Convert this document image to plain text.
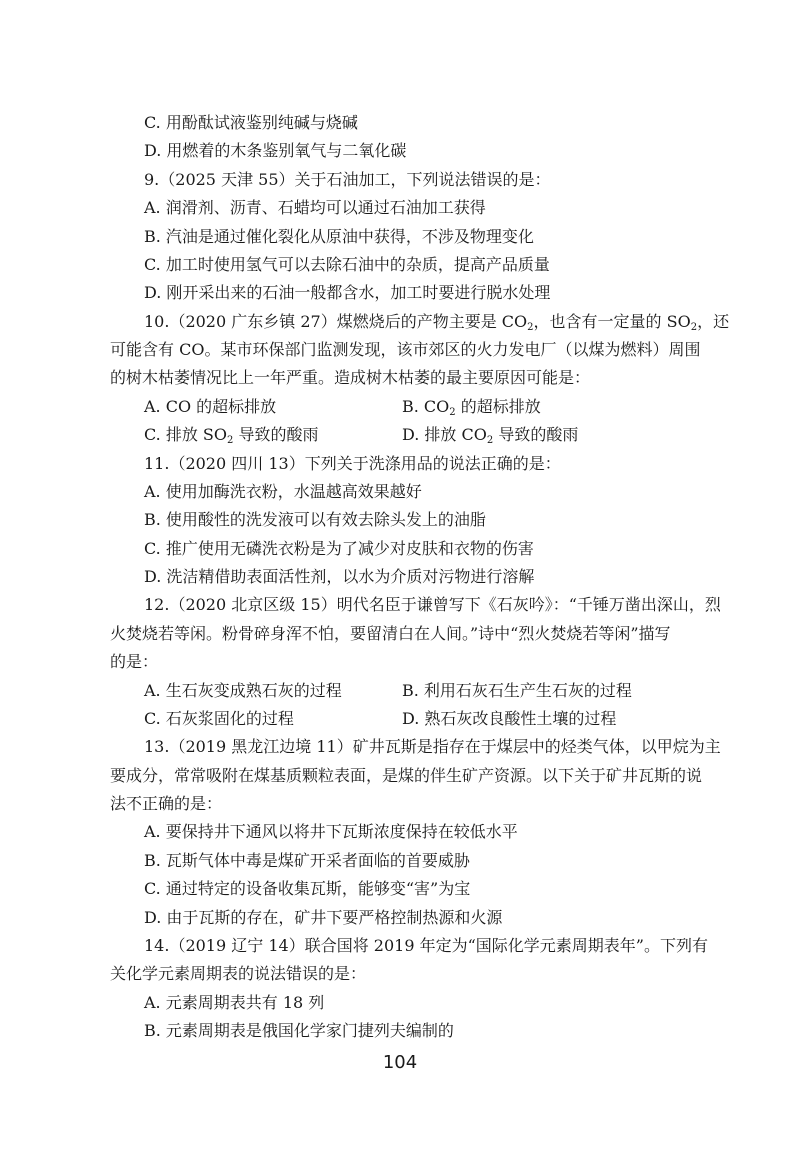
C. 用酚酞试液鉴别纯碱与烧碱
D. 用燃着的木条鉴别氧气与二氧化碳
9.（2025 天津 55）关于石油加工，下列说法错误的是：
A. 润滑剂、沥青、石蜡均可以通过石油加工获得
B. 汽油是通过催化裂化从原油中获得，不涉及物理变化
C. 加工时使用氢气可以去除石油中的杂质，提高产品质量
D. 刚开采出来的石油一般都含水，加工时要进行脱水处理
10.（2020 广东乡镇 27）煤燃烧后的产物主要是 $CO_2$，也含有一定量的 $SO_2$，还
可能含有 CO。某市环保部门监测发现，该市郊区的火力发电厂（以煤为燃料）周围
的树木枯萎情况比上一年严重。造成树木枯萎的最主要原因可能是：
A. CO 的超标排放	B. $CO_2$ 的超标排放
C. 排放 $SO_2$ 导致的酸雨	D. 排放 $CO_2$ 导致的酸雨
11.（2020 四川 13）下列关于洗涤用品的说法正确的是：
A. 使用加酶洗衣粉，水温越高效果越好
B. 使用酸性的洗发液可以有效去除头发上的油脂
C. 推广使用无磷洗衣粉是为了减少对皮肤和衣物的伤害
D. 洗洁精借助表面活性剂，以水为介质对污物进行溶解
12.（2020 北京区级 15）明代名臣于谦曾写下《石灰吟》：“千锤万凿出深山，烈
火焚烧若等闲。粉骨碎身浑不怕，要留清白在人间。”诗中“烈火焚烧若等闲”描写
的是：
A. 生石灰变成熟石灰的过程	B. 利用石灰石生产生石灰的过程
C. 石灰浆固化的过程	D. 熟石灰改良酸性土壤的过程
13.（2019 黑龙江边境 11）矿井瓦斯是指存在于煤层中的烃类气体，以甲烷为主
要成分，常常吸附在煤基质颗粒表面，是煤的伴生矿产资源。以下关于矿井瓦斯的说
法不正确的是：
A. 要保持井下通风以将井下瓦斯浓度保持在较低水平
B. 瓦斯气体中毒是煤矿开采者面临的首要威胁
C. 通过特定的设备收集瓦斯，能够变“害”为宝
D. 由于瓦斯的存在，矿井下要严格控制热源和火源
14.（2019 辽宁 14）联合国将 2019 年定为“国际化学元素周期表年”。下列有
关化学元素周期表的说法错误的是：
A. 元素周期表共有 18 列
B. 元素周期表是俄国化学家门捷列夫编制的
104
